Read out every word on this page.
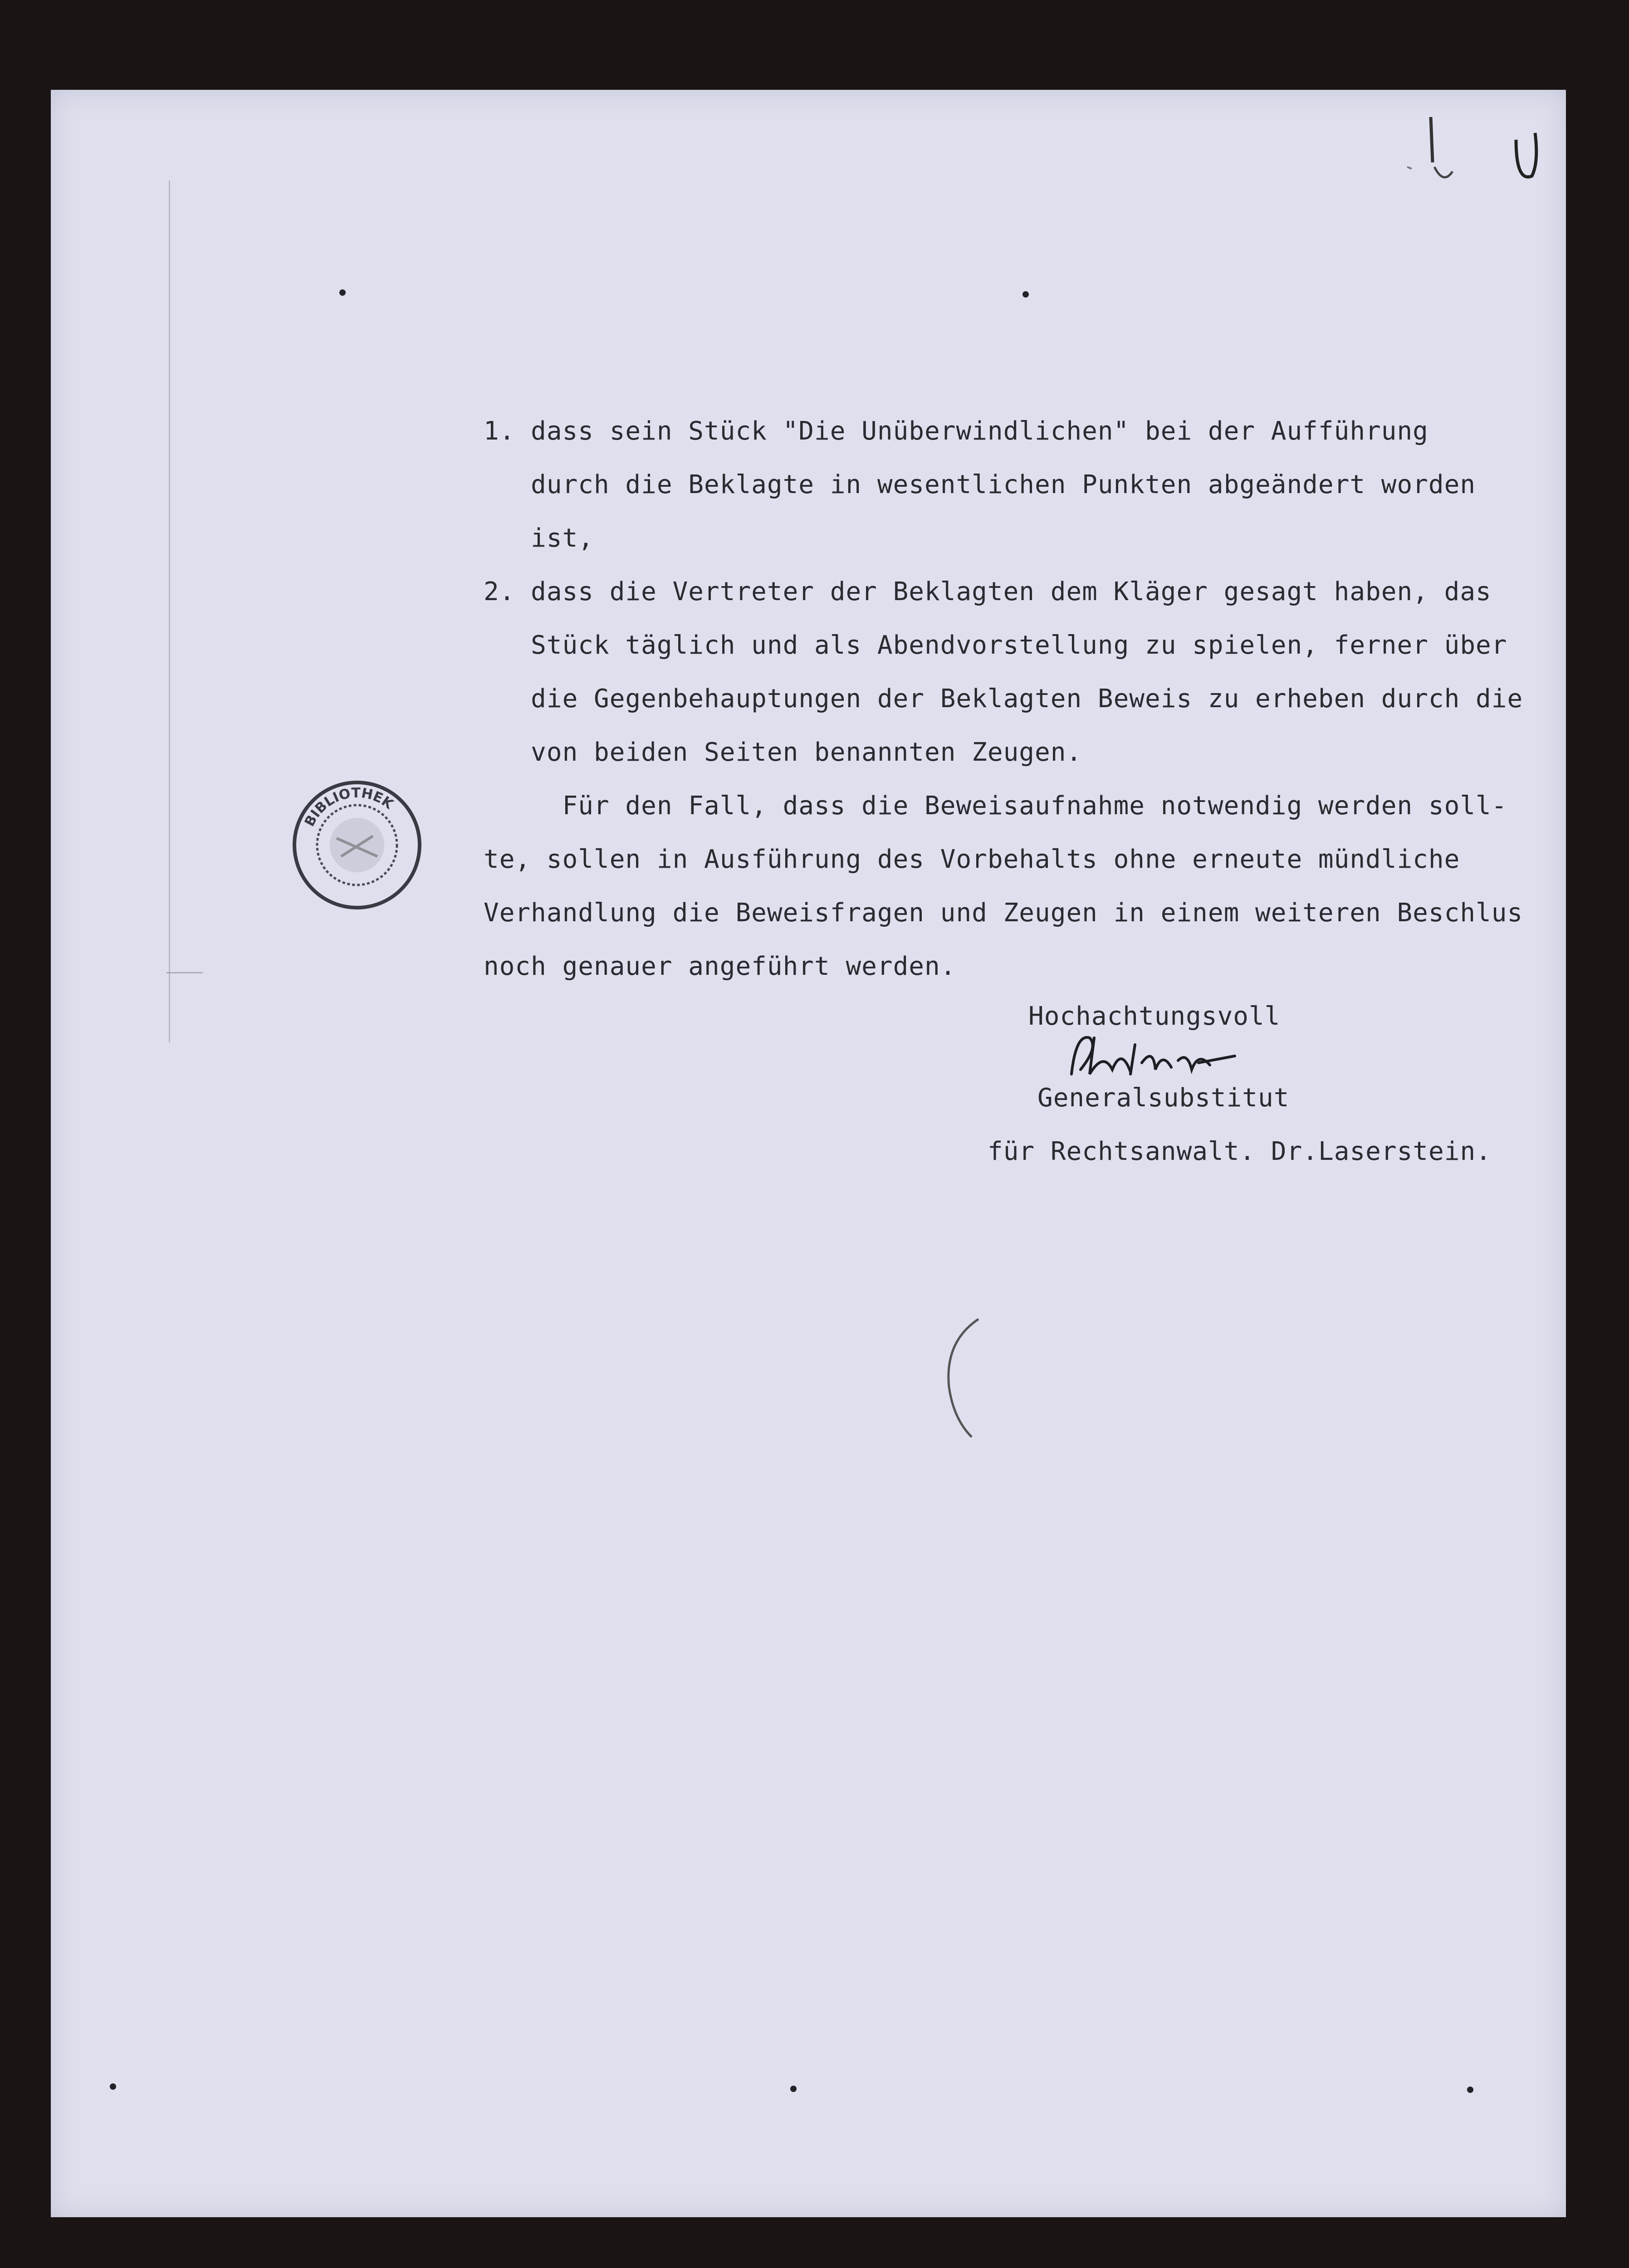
BIBLIOTHEK

1. dass sein Stück "Die Unüberwindlichen" bei der Aufführung

durch die Beklagte in wesentlichen Punkten abgeändert worden

ist,

2. dass die Vertreter der Beklagten dem Kläger gesagt haben, das

Stück täglich und als Abendvorstellung zu spielen, ferner über

die Gegenbehauptungen der Beklagten Beweis zu erheben durch die

von beiden Seiten benannten Zeugen.

Für den Fall, dass die Beweisaufnahme notwendig werden soll-

te, sollen in Ausführung des Vorbehalts ohne erneute mündliche

Verhandlung die Beweisfragen und Zeugen in einem weiteren Beschlus

noch genauer angeführt werden.

Hochachtungsvoll

Generalsubstitut

für Rechtsanwalt. Dr.Laserstein.
